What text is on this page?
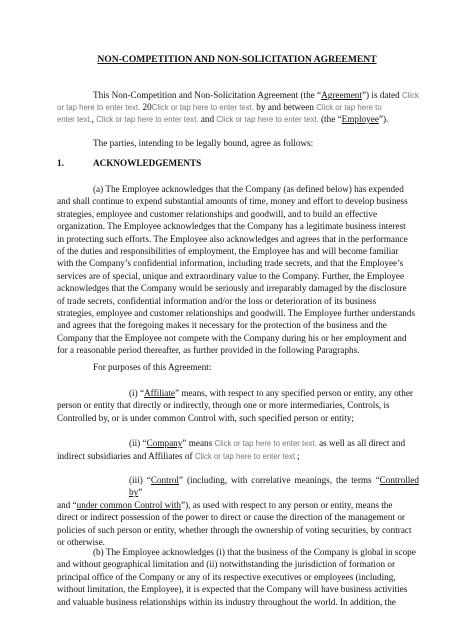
NON-COMPETITION AND NON-SOLICITATION AGREEMENT
This Non-Competition and Non-Solicitation Agreement (the “Agreement”) is dated Click
or tap here to enter text. 20Click or tap here to enter text. by and between Click or tap here to
enter text., Click or tap here to enter text. and Click or tap here to enter text. (the “Employee”).
The parties, intending to be legally bound, agree as follows:
1.	ACKNOWLEDGEMENTS
(a) The Employee acknowledges that the Company (as defined below) has expended
and shall continue to expend substantial amounts of time, money and effort to develop business
strategies, employee and customer relationships and goodwill, and to build an effective
organization. The Employee acknowledges that the Company has a legitimate business interest
in protecting such efforts. The Employee also acknowledges and agrees that in the performance
of the duties and responsibilities of employment, the Employee has and will become familiar
with the Company’s confidential information, including trade secrets, and that the Employee’s
services are of special, unique and extraordinary value to the Company. Further, the Employee
acknowledges that the Company would be seriously and irreparably damaged by the disclosure
of trade secrets, confidential information and/or the loss or deterioration of its business
strategies, employee and customer relationships and goodwill. The Employee further understands
and agrees that the foregoing makes it necessary for the protection of the business and the
Company that the Employee not compete with the Company during his or her employment and
for a reasonable period thereafter, as further provided in the following Paragraphs.
For purposes of this Agreement:
(i) “Affiliate” means, with respect to any specified person or entity, any other
person or entity that directly or indirectly, through one or more intermediaries, Controls, is
Controlled by, or is under common Control with, such specified person or entity;
(ii) “Company” means Click or tap here to enter text. as well as all direct and
indirect subsidiaries and Affiliates of Click or tap here to enter text.;
(iii) “Control” (including, with correlative meanings, the terms “Controlled by”
and “under common Control with”), as used with respect to any person or entity, means the
direct or indirect possession of the power to direct or cause the direction of the management or
policies of such person or entity, whether through the ownership of voting securities, by contract
or otherwise.
(b) The Employee acknowledges (i) that the business of the Company is global in scope
and without geographical limitation and (ii) notwithstanding the jurisdiction of formation or
principal office of the Company or any of its respective executives or employees (including,
without limitation, the Employee), it is expected that the Company will have business activities
and valuable business relationships within its industry throughout the world. In addition, the
